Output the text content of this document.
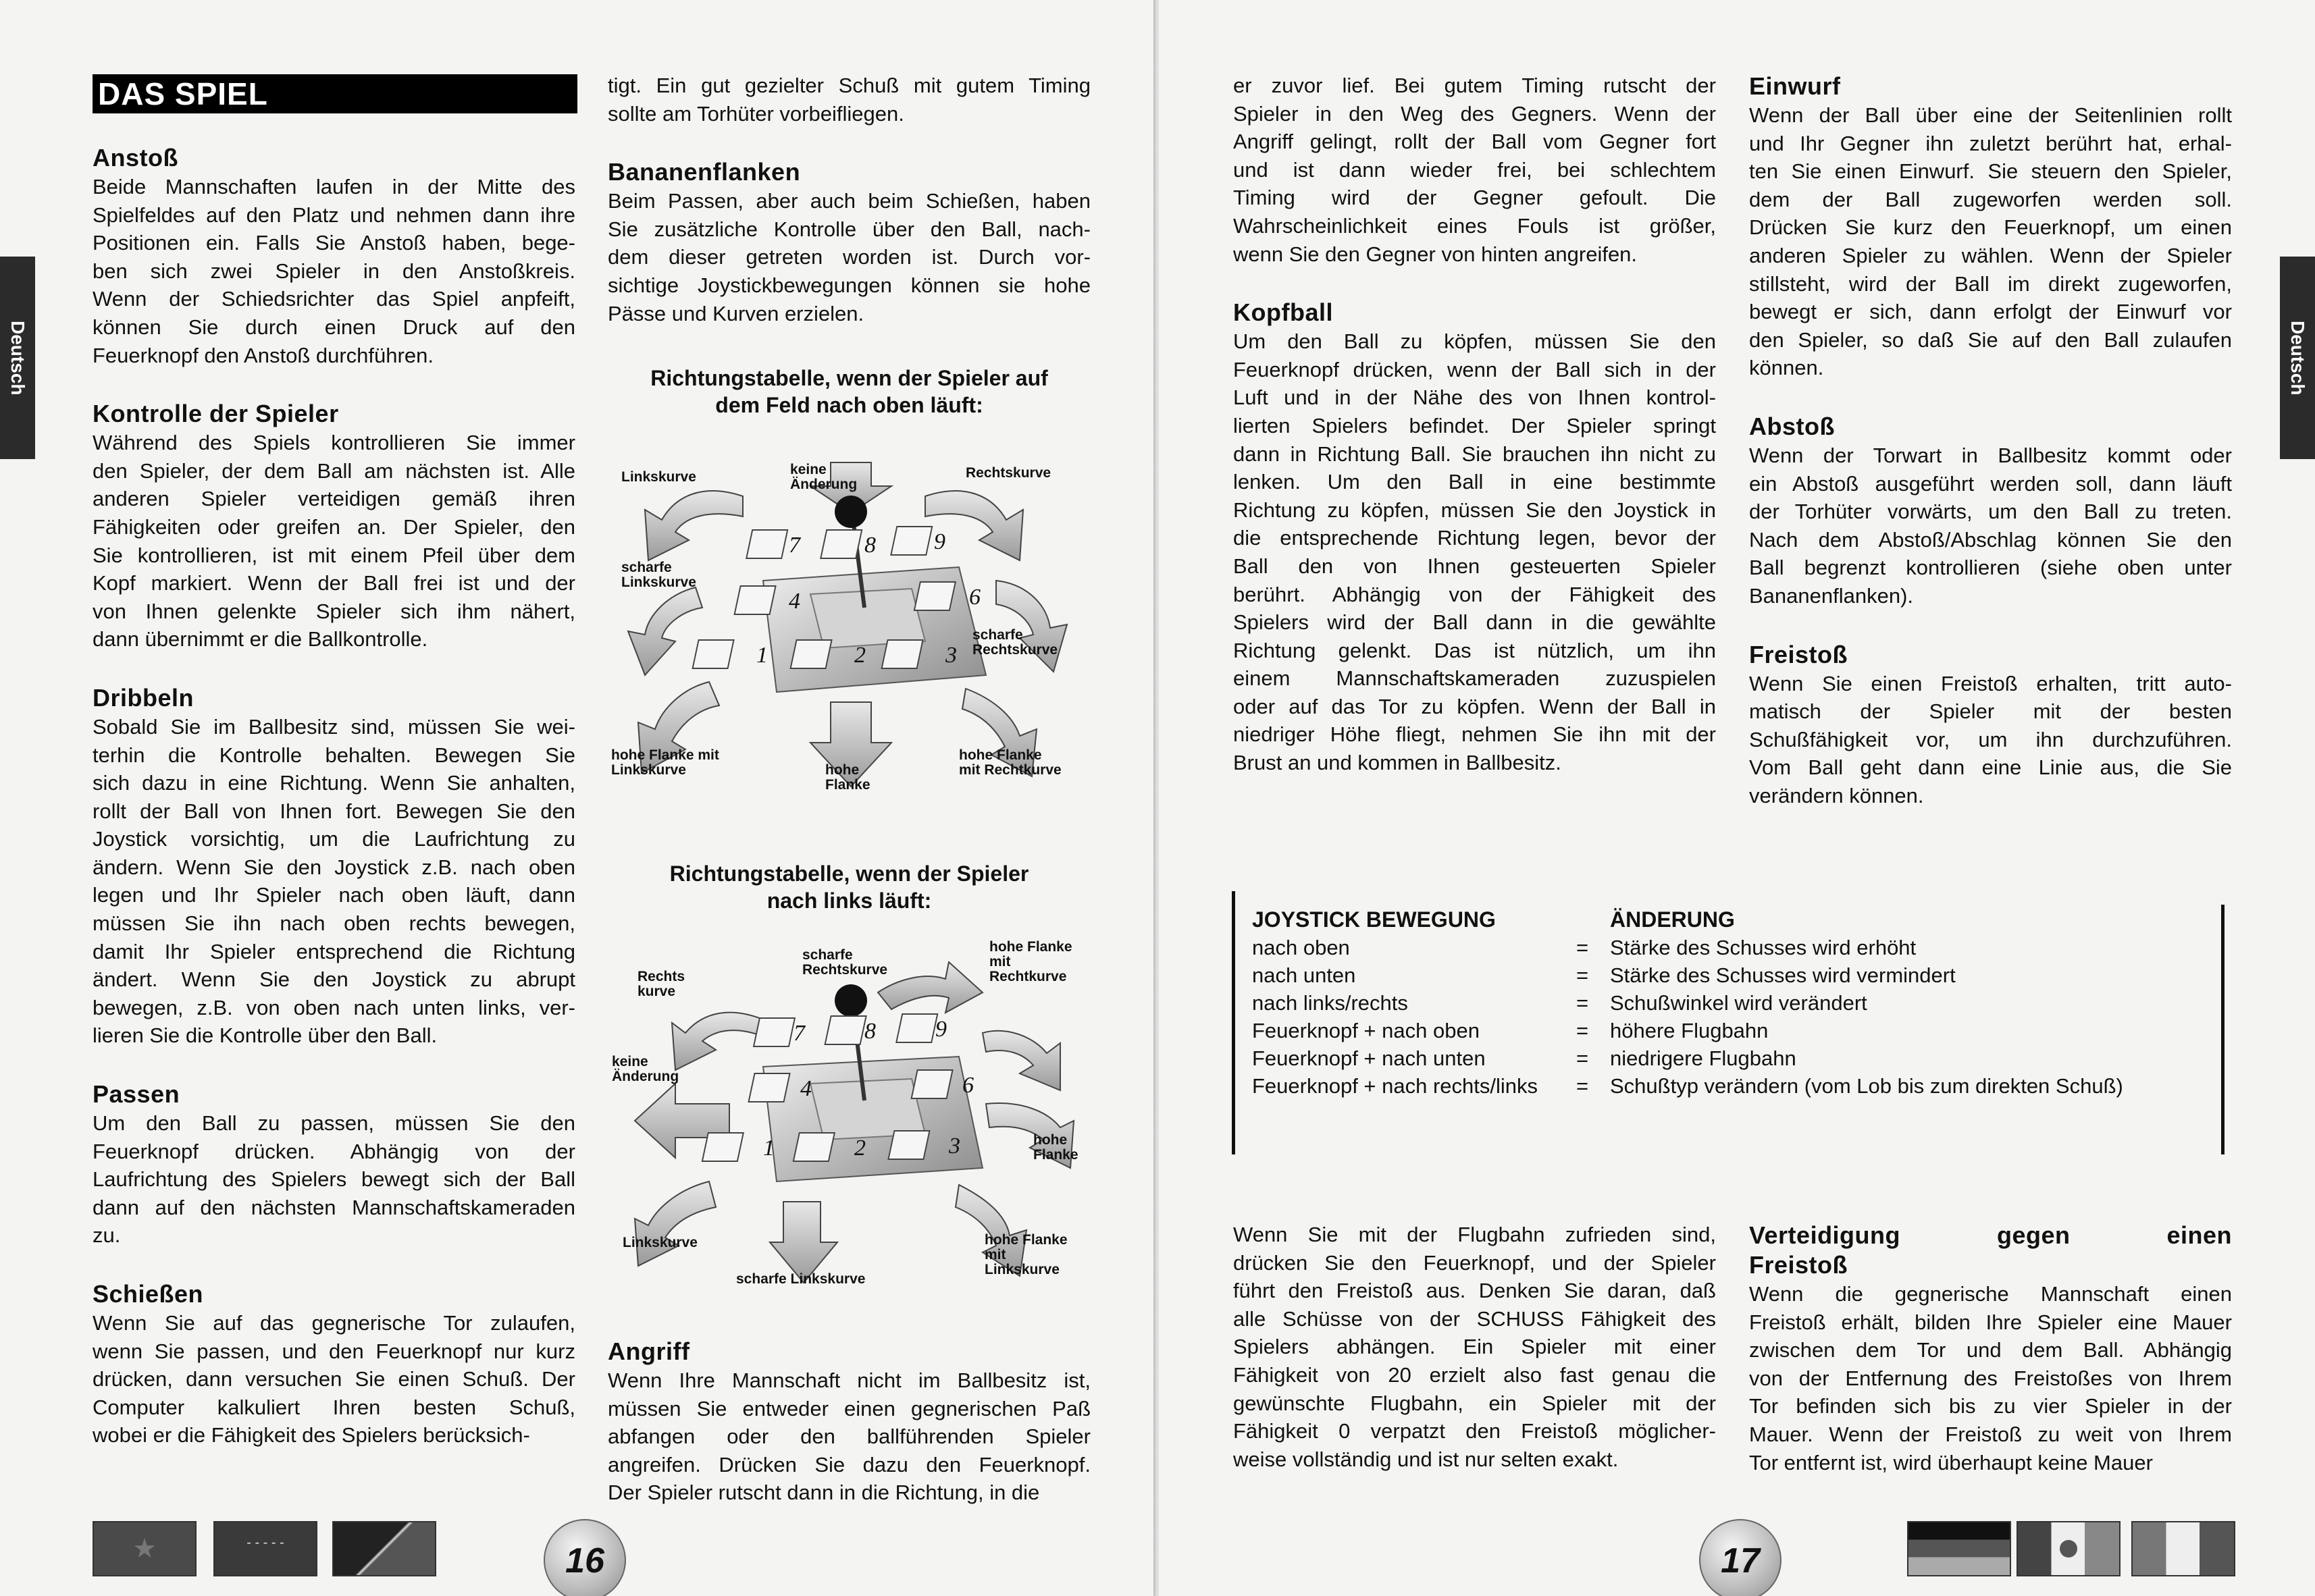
Deutsch
DAS SPIEL

Anstoß

Beide Mannschaften laufen in der Mitte des

Spielfeldes auf den Platz und nehmen dann ihre

Positionen ein. Falls Sie Anstoß haben, bege-

ben sich zwei Spieler in den Anstoßkreis.

Wenn der Schiedsrichter das Spiel anpfeift,

können Sie durch einen Druck auf den

Feuerknopf den Anstoß durchführen.

Kontrolle der Spieler

Während des Spiels kontrollieren Sie immer

den Spieler, der dem Ball am nächsten ist. Alle

anderen Spieler verteidigen gemäß ihren

Fähigkeiten oder greifen an. Der Spieler, den

Sie kontrollieren, ist mit einem Pfeil über dem

Kopf markiert. Wenn der Ball frei ist und der

von Ihnen gelenkte Spieler sich ihm nähert,

dann übernimmt er die Ballkontrolle.

Dribbeln

Sobald Sie im Ballbesitz sind, müssen Sie wei-

terhin die Kontrolle behalten. Bewegen Sie

sich dazu in eine Richtung. Wenn Sie anhalten,

rollt der Ball von Ihnen fort. Bewegen Sie den

Joystick vorsichtig, um die Laufrichtung zu

ändern. Wenn Sie den Joystick z.B. nach oben

legen und Ihr Spieler nach oben läuft, dann

müssen Sie ihn nach oben rechts bewegen,

damit Ihr Spieler entsprechend die Richtung

ändert. Wenn Sie den Joystick zu abrupt

bewegen, z.B. von oben nach unten links, ver-

lieren Sie die Kontrolle über den Ball.

Passen

Um den Ball zu passen, müssen Sie den

Feuerknopf drücken. Abhängig von der

Laufrichtung des Spielers bewegt sich der Ball

dann auf den nächsten Mannschaftskameraden

zu.

Schießen

Wenn Sie auf das gegnerische Tor zulaufen,

wenn Sie passen, und den Feuerknopf nur kurz

drücken, dann versuchen Sie einen Schuß. Der

Computer kalkuliert Ihren besten Schuß,

wobei er die Fähigkeit des Spielers berücksich-

tigt. Ein gut gezielter Schuß mit gutem Timing

sollte am Torhüter vorbeifliegen.

Bananenflanken

Beim Passen, aber auch beim Schießen, haben

Sie zusätzliche Kontrolle über den Ball, nach-

dem dieser getreten worden ist. Durch vor-

sichtige Joystickbewegungen können sie hohe

Pässe und Kurven erzielen.

Richtungstabelle, wenn der Spieler auf
dem Feld nach oben läuft:
7	8	9
4	6
1	2	3
Linkskurve	keine
Änderung
Rechtskurve
scharfe
Linkskurve
scharfe
Rechtskurve
hohe Flanke mit
Linkskurve	hohe
Flanke
hohe Flanke
mit Rechtkurve
Richtungstabelle, wenn der Spieler
nach links läuft:
7	8	9
4	6
1	2	3
Rechts
kurve
scharfe
Rechtskurve
hohe Flanke
mit
Rechtkurve
keine
Änderung
hohe
Flanke
Linkskurve
scharfe Linkskurve
hohe Flanke
mit
Linkskurve

Angriff

Wenn Ihre Mannschaft nicht im Ballbesitz ist,

müssen Sie entweder einen gegnerischen Paß

abfangen oder den ballführenden Spieler

angreifen. Drücken Sie dazu den Feuerknopf.

Der Spieler rutscht dann in die Richtung, in die

★	- - - - -	16
Deutsch

er zuvor lief. Bei gutem Timing rutscht der

Spieler in den Weg des Gegners. Wenn der

Angriff gelingt, rollt der Ball vom Gegner fort

und ist dann wieder frei, bei schlechtem

Timing wird der Gegner gefoult. Die

Wahrscheinlichkeit eines Fouls ist größer,

wenn Sie den Gegner von hinten angreifen.

Kopfball

Um den Ball zu köpfen, müssen Sie den

Feuerknopf drücken, wenn der Ball sich in der

Luft und in der Nähe des von Ihnen kontrol-

lierten Spielers befindet. Der Spieler springt

dann in Richtung Ball. Sie brauchen ihn nicht zu

lenken. Um den Ball in eine bestimmte

Richtung zu köpfen, müssen Sie den Joystick in

die entsprechende Richtung legen, bevor der

Ball den von Ihnen gesteuerten Spieler

berührt. Abhängig von der Fähigkeit des

Spielers wird der Ball dann in die gewählte

Richtung gelenkt. Das ist nützlich, um ihn

einem Mannschaftskameraden zuzuspielen

oder auf das Tor zu köpfen. Wenn der Ball in

niedriger Höhe fliegt, nehmen Sie ihn mit der

Brust an und kommen in Ballbesitz.

Einwurf

Wenn der Ball über eine der Seitenlinien rollt

und Ihr Gegner ihn zuletzt berührt hat, erhal-

ten Sie einen Einwurf. Sie steuern den Spieler,

dem der Ball zugeworfen werden soll.

Drücken Sie kurz den Feuerknopf, um einen

anderen Spieler zu wählen. Wenn der Spieler

stillsteht, wird der Ball im direkt zugeworfen,

bewegt er sich, dann erfolgt der Einwurf vor

den Spieler, so daß Sie auf den Ball zulaufen

können.

Abstoß

Wenn der Torwart in Ballbesitz kommt oder

ein Abstoß ausgeführt werden soll, dann läuft

der Torhüter vorwärts, um den Ball zu treten.

Nach dem Abstoß/Abschlag können Sie den

Ball begrenzt kontrollieren (siehe oben unter

Bananenflanken).

Freistoß

Wenn Sie einen Freistoß erhalten, tritt auto-

matisch der Spieler mit der besten

Schußfähigkeit vor, um ihn durchzuführen.

Vom Ball geht dann eine Linie aus, die Sie

verändern können.

JOYSTICK BEWEGUNG	ÄNDERUNG
nach oben	= Stärke des Schusses wird erhöht
nach unten	= Stärke des Schusses wird vermindert
nach links/rechts	= Schußwinkel wird verändert
Feuerknopf + nach oben	= höhere Flugbahn
Feuerknopf + nach unten	= niedrigere Flugbahn
Feuerknopf + nach rechts/links = Schußtyp verändern (vom Lob bis zum direkten Schuß)

Wenn Sie mit der Flugbahn zufrieden sind,

drücken Sie den Feuerknopf, und der Spieler

führt den Freistoß aus. Denken Sie daran, daß

alle Schüsse von der SCHUSS Fähigkeit des

Spielers abhängen. Ein Spieler mit einer

Fähigkeit von 20 erzielt also fast genau die

gewünschte Flugbahn, ein Spieler mit der

Fähigkeit 0 verpatzt den Freistoß möglicher-

weise vollständig und ist nur selten exakt.

Verteidigung gegen einen

Freistoß

Wenn die gegnerische Mannschaft einen

Freistoß erhält, bilden Ihre Spieler eine Mauer

zwischen dem Tor und dem Ball. Abhängig

von der Entfernung des Freistoßes von Ihrem

Tor befinden sich bis zu vier Spieler in der

Mauer. Wenn der Freistoß zu weit von Ihrem

Tor entfernt ist, wird überhaupt keine Mauer

17
